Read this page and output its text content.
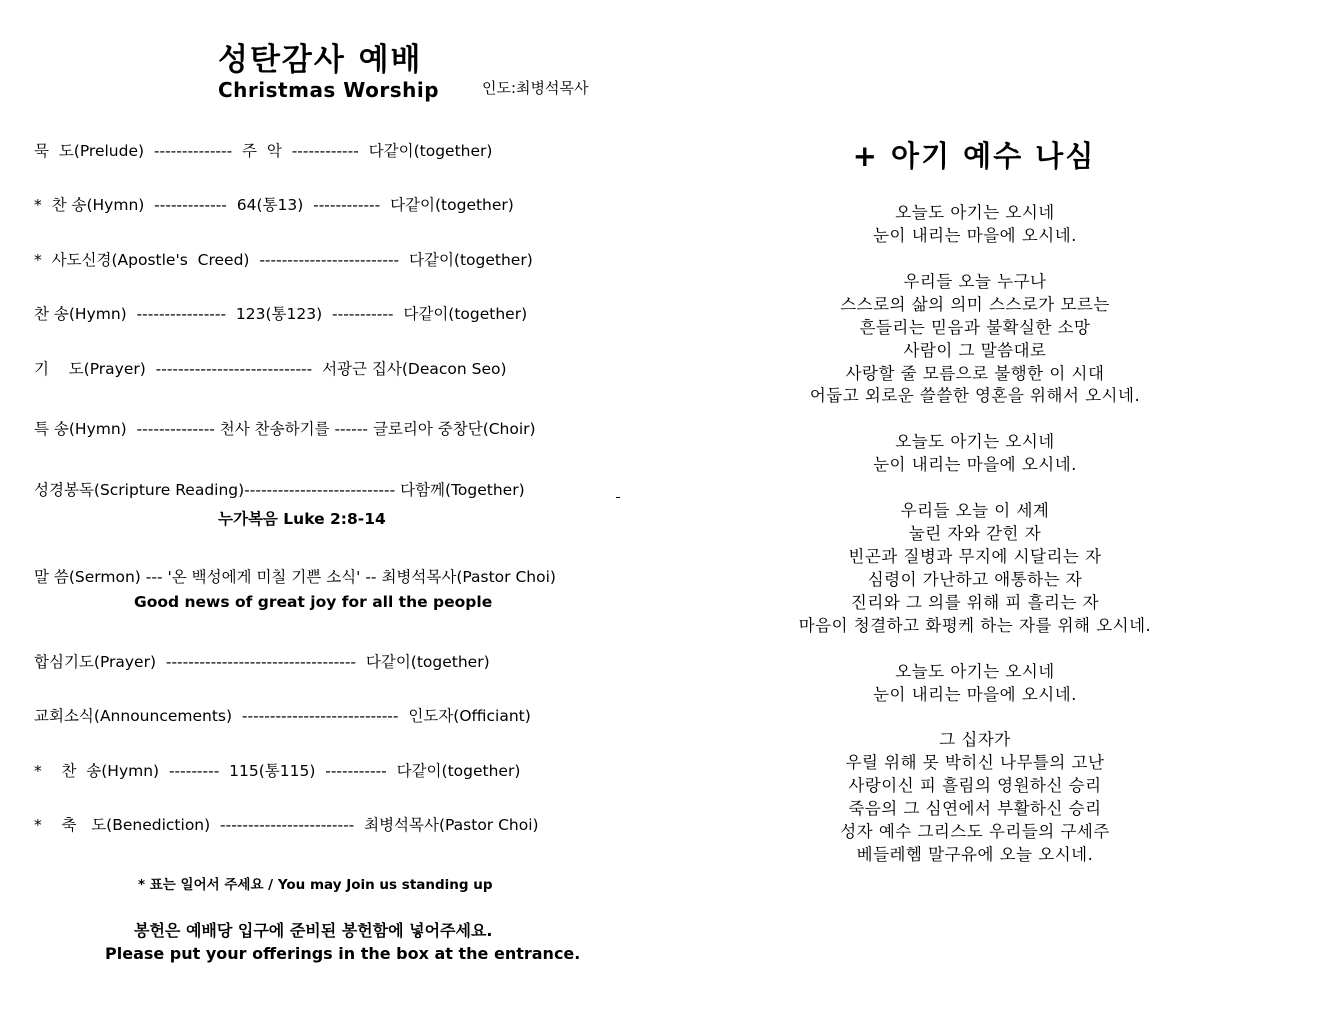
성탄감사 예배
Christmas Worship	인도:최병석목사
묵  도(Prelude)  --------------  주  악  ------------  다같이(together)
*  찬 송(Hymn)  -------------  64(통13)  ------------  다같이(together)
*  사도신경(Apostle's  Creed)  -------------------------  다같이(together)
찬 송(Hymn)  ----------------  123(통123)  -----------  다같이(together)
기    도(Prayer)  ----------------------------  서광근 집사(Deacon Seo)
특 송(Hymn)  -------------- 천사 찬송하기를 ------ 글로리아 중창단(Choir)
성경봉독(Scripture Reading)--------------------------- 다함께(Together)
누가복음 Luke 2:8-14
말 씀(Sermon) --- '온 백성에게 미칠 기쁜 소식' -- 최병석목사(Pastor Choi)
Good news of great joy for all the people
합심기도(Prayer)  ----------------------------------  다같이(together)
교회소식(Announcements)  ----------------------------  인도자(Officiant)
*    찬  송(Hymn)  ---------  115(통115)  -----------  다같이(together)
*    축   도(Benediction)  ------------------------  최병석목사(Pastor Choi)
* 표는 일어서 주세요 / You may Join us standing up
봉헌은 예배당 입구에 준비된 봉헌함에 넣어주세요.
Please put your offerings in the box at the entrance.
+ 아기 예수 나심
오늘도 아기는 오시네
눈이 내리는 마을에 오시네.
우리들 오늘 누구나
스스로의 삶의 의미 스스로가 모르는
흔들리는 믿음과 불확실한 소망
사람이 그 말씀대로
사랑할 줄 모름으로 불행한 이 시대
어둡고 외로운 쓸쓸한 영혼을 위해서 오시네.
오늘도 아기는 오시네
눈이 내리는 마을에 오시네.
우리들 오늘 이 세계
눌린 자와 갇힌 자
빈곤과 질병과 무지에 시달리는 자
심령이 가난하고 애통하는 자
진리와 그 의를 위해 피 흘리는 자
마음이 청결하고 화평케 하는 자를 위해 오시네.
오늘도 아기는 오시네
눈이 내리는 마을에 오시네.
그 십자가
우릴 위해 못 박히신 나무틀의 고난
사랑이신 피 흘림의 영원하신 승리
죽음의 그 심연에서 부활하신 승리
성자 예수 그리스도 우리들의 구세주
베들레헴 말구유에 오늘 오시네.
